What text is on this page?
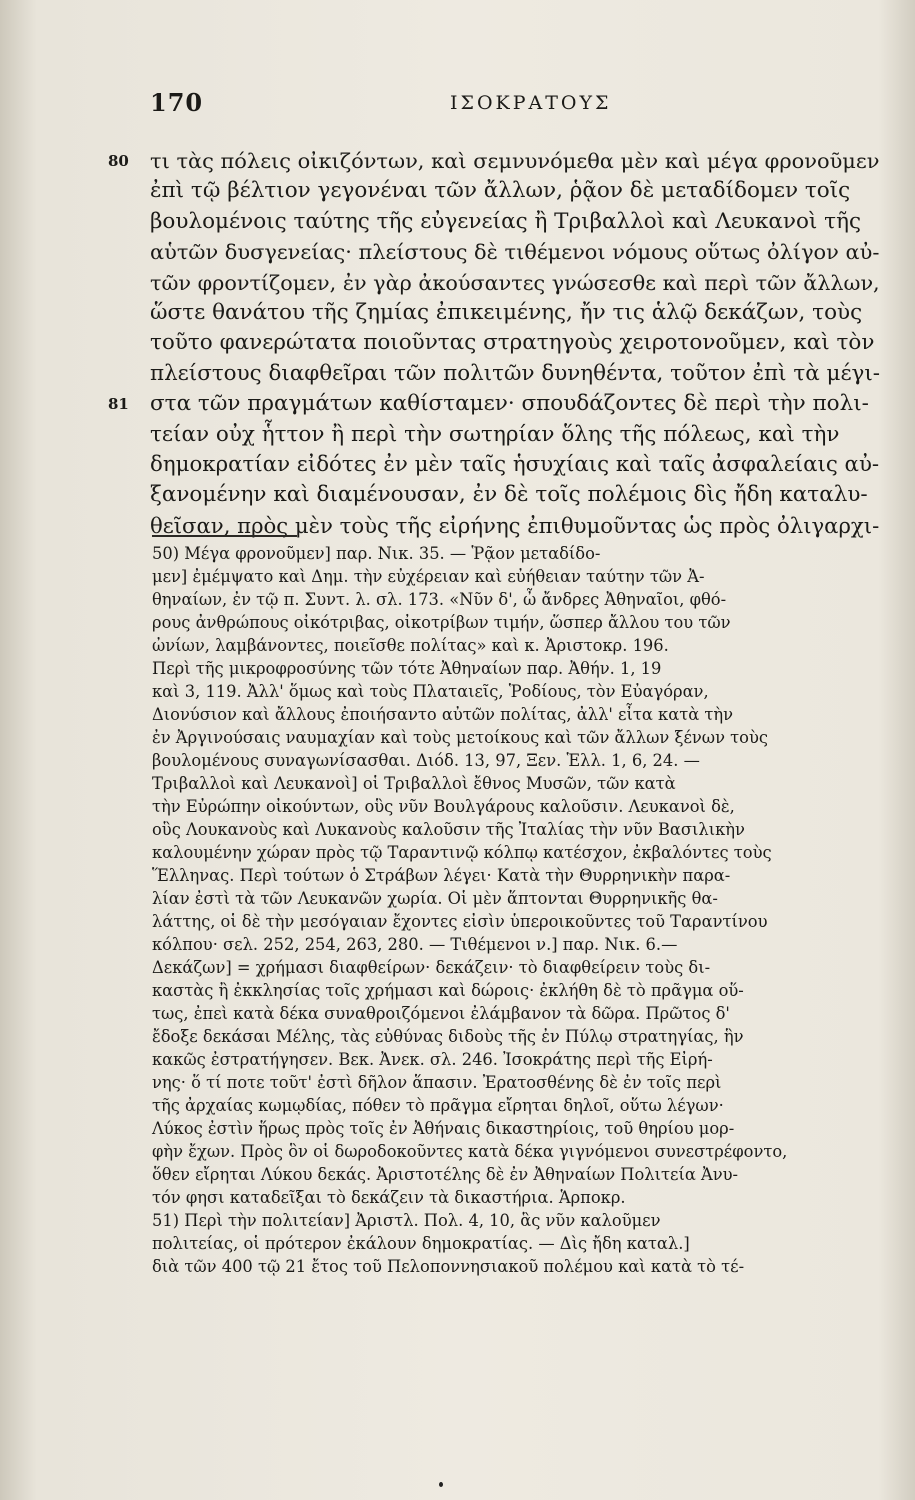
170	ΙΣΟΚΡΑΤΟΥΣ
80 τι τὰς πόλεις οἰκιζόντων, καὶ σεμνυνόμεθα μὲν καὶ μέγα φρονοῦμεν
ἐπὶ τῷ βέλτιον γεγονέναι τῶν ἄλλων, ῥᾷον δὲ μεταδίδομεν τοῖς
βουλομένοις ταύτης τῆς εὐγενείας ἢ Τριβαλλοὶ καὶ Λευκανοὶ τῆς
αὑτῶν δυσγενείας· πλείστους δὲ τιθέμενοι νόμους οὕτως ὀλίγον αὐ-
τῶν φροντίζομεν, ἐν γὰρ ἀκούσαντες γνώσεσθε καὶ περὶ τῶν ἄλλων,
ὥστε θανάτου τῆς ζημίας ἐπικειμένης, ἤν τις ἁλῷ δεκάζων, τοὺς
τοῦτο φανερώτατα ποιοῦντας στρατηγοὺς χειροτονοῦμεν, καὶ τὸν
πλείστους διαφθεῖραι τῶν πολιτῶν δυνηθέντα, τοῦτον ἐπὶ τὰ μέγι-
81 στα τῶν πραγμάτων καθίσταμεν· σπουδάζοντες δὲ περὶ τὴν πολι-
τείαν οὐχ ἧττον ἢ περὶ τὴν σωτηρίαν ὅλης τῆς πόλεως, καὶ τὴν
δημοκρατίαν εἰδότες ἐν μὲν ταῖς ἡσυχίαις καὶ ταῖς ἀσφαλείαις αὐ-
ξανομένην καὶ διαμένουσαν, ἐν δὲ τοῖς πολέμοις δὶς ἤδη καταλυ-
θεῖσαν, πρὸς μὲν τοὺς τῆς εἰρήνης ἐπιθυμοῦντας ὡς πρὸς ὀλιγαρχι-
50) Μέγα φρονοῦμεν] παρ. Νικ. 35. — Ῥᾷον μεταδίδο-
μεν] ἐμέμψατο καὶ Δημ. τὴν εὐχέρειαν καὶ εὐήθειαν ταύτην τῶν Ἀ-
θηναίων, ἐν τῷ π. Συντ. λ. σλ. 173. «Νῦν δ', ὦ ἄνδρες Ἀθηναῖοι, φθό-
ρους ἀνθρώπους οἰκότριβας, οἰκοτρίβων τιμήν, ὥσπερ ἄλλου του τῶν
ὠνίων, λαμβάνοντες, ποιεῖσθε πολίτας» καὶ κ. Ἀριστοκρ. 196.
Περὶ τῆς μικροφροσύνης τῶν τότε Ἀθηναίων παρ. Ἀθήν. 1, 19
καὶ 3, 119. Ἀλλ' ὅμως καὶ τοὺς Πλαταιεῖς, Ῥοδίους, τὸν Εὐαγόραν,
Διονύσιον καὶ ἄλλους ἐποιήσαντο αὐτῶν πολίτας, ἀλλ' εἶτα κατὰ τὴν
ἐν Ἀργινούσαις ναυμαχίαν καὶ τοὺς μετοίκους καὶ τῶν ἄλλων ξένων τοὺς
βουλομένους συναγωνίσασθαι. Διόδ. 13, 97, Ξεν. Ἑλλ. 1, 6, 24. —
Τριβαλλοὶ καὶ Λευκανοὶ] οἱ Τριβαλλοὶ ἔθνος Μυσῶν, τῶν κατὰ
τὴν Εὐρώπην οἰκούντων, οὓς νῦν Βουλγάρους καλοῦσιν. Λευκανοὶ δὲ,
οὓς Λουκανοὺς καὶ Λυκανοὺς καλοῦσιν τῆς Ἰταλίας τὴν νῦν Βασιλικὴν
καλουμένην χώραν πρὸς τῷ Ταραντινῷ κόλπῳ κατέσχον, ἐκβαλόντες τοὺς
Ἕλληνας. Περὶ τούτων ὁ Στράβων λέγει· Κατὰ τὴν Θυρρηνικὴν παρα-
λίαν ἐστὶ τὰ τῶν Λευκανῶν χωρία. Οἱ μὲν ἅπτονται Θυρρηνικῆς θα-
λάττης, οἱ δὲ τὴν μεσόγαιαν ἔχοντες εἰσὶν ὑπεροικοῦντες τοῦ Ταραντίνου
κόλπου· σελ. 252, 254, 263, 280. — Τιθέμενοι ν.] παρ. Νικ. 6.—
Δεκάζων] = χρήμασι διαφθείρων· δεκάζειν· τὸ διαφθείρειν τοὺς δι-
καστὰς ἢ ἐκκλησίας τοῖς χρήμασι καὶ δώροις· ἐκλήθη δὲ τὸ πρᾶγμα οὕ-
τως, ἐπεὶ κατὰ δέκα συναθροιζόμενοι ἐλάμβανον τὰ δῶρα. Πρῶτος δ'
ἔδοξε δεκάσαι Μέλης, τὰς εὐθύνας διδοὺς τῆς ἐν Πύλῳ στρατηγίας, ἣν
κακῶς ἐστρατήγησεν. Βεκ. Ἀνεκ. σλ. 246. Ἰσοκράτης περὶ τῆς Εἰρή-
νης· ὅ τί ποτε τοῦτ' ἐστὶ δῆλον ἅπασιν. Ἐρατοσθένης δὲ ἐν τοῖς περὶ
τῆς ἀρχαίας κωμῳδίας, πόθεν τὸ πρᾶγμα εἴρηται δηλοῖ, οὕτω λέγων·
Λύκος ἐστὶν ἥρως πρὸς τοῖς ἐν Ἀθήναις δικαστηρίοις, τοῦ θηρίου μορ-
φὴν ἔχων. Πρὸς ὃν οἱ δωροδοκοῦντες κατὰ δέκα γιγνόμενοι συνεστρέφοντο,
ὅθεν εἴρηται Λύκου δεκάς. Ἀριστοτέλης δὲ ἐν Ἀθηναίων Πολιτεία Ἀνυ-
τόν φησι καταδεῖξαι τὸ δεκάζειν τὰ δικαστήρια. Ἁρποκρ.
51) Περὶ τὴν πολιτείαν] Ἀριστλ. Πολ. 4, 10, ἃς νῦν καλοῦμεν
πολιτείας, οἱ πρότερον ἐκάλουν δημοκρατίας. — Δὶς ἤδη καταλ.]
διὰ τῶν 400 τῷ 21 ἔτος τοῦ Πελοποννησιακοῦ πολέμου καὶ κατὰ τὸ τέ-
